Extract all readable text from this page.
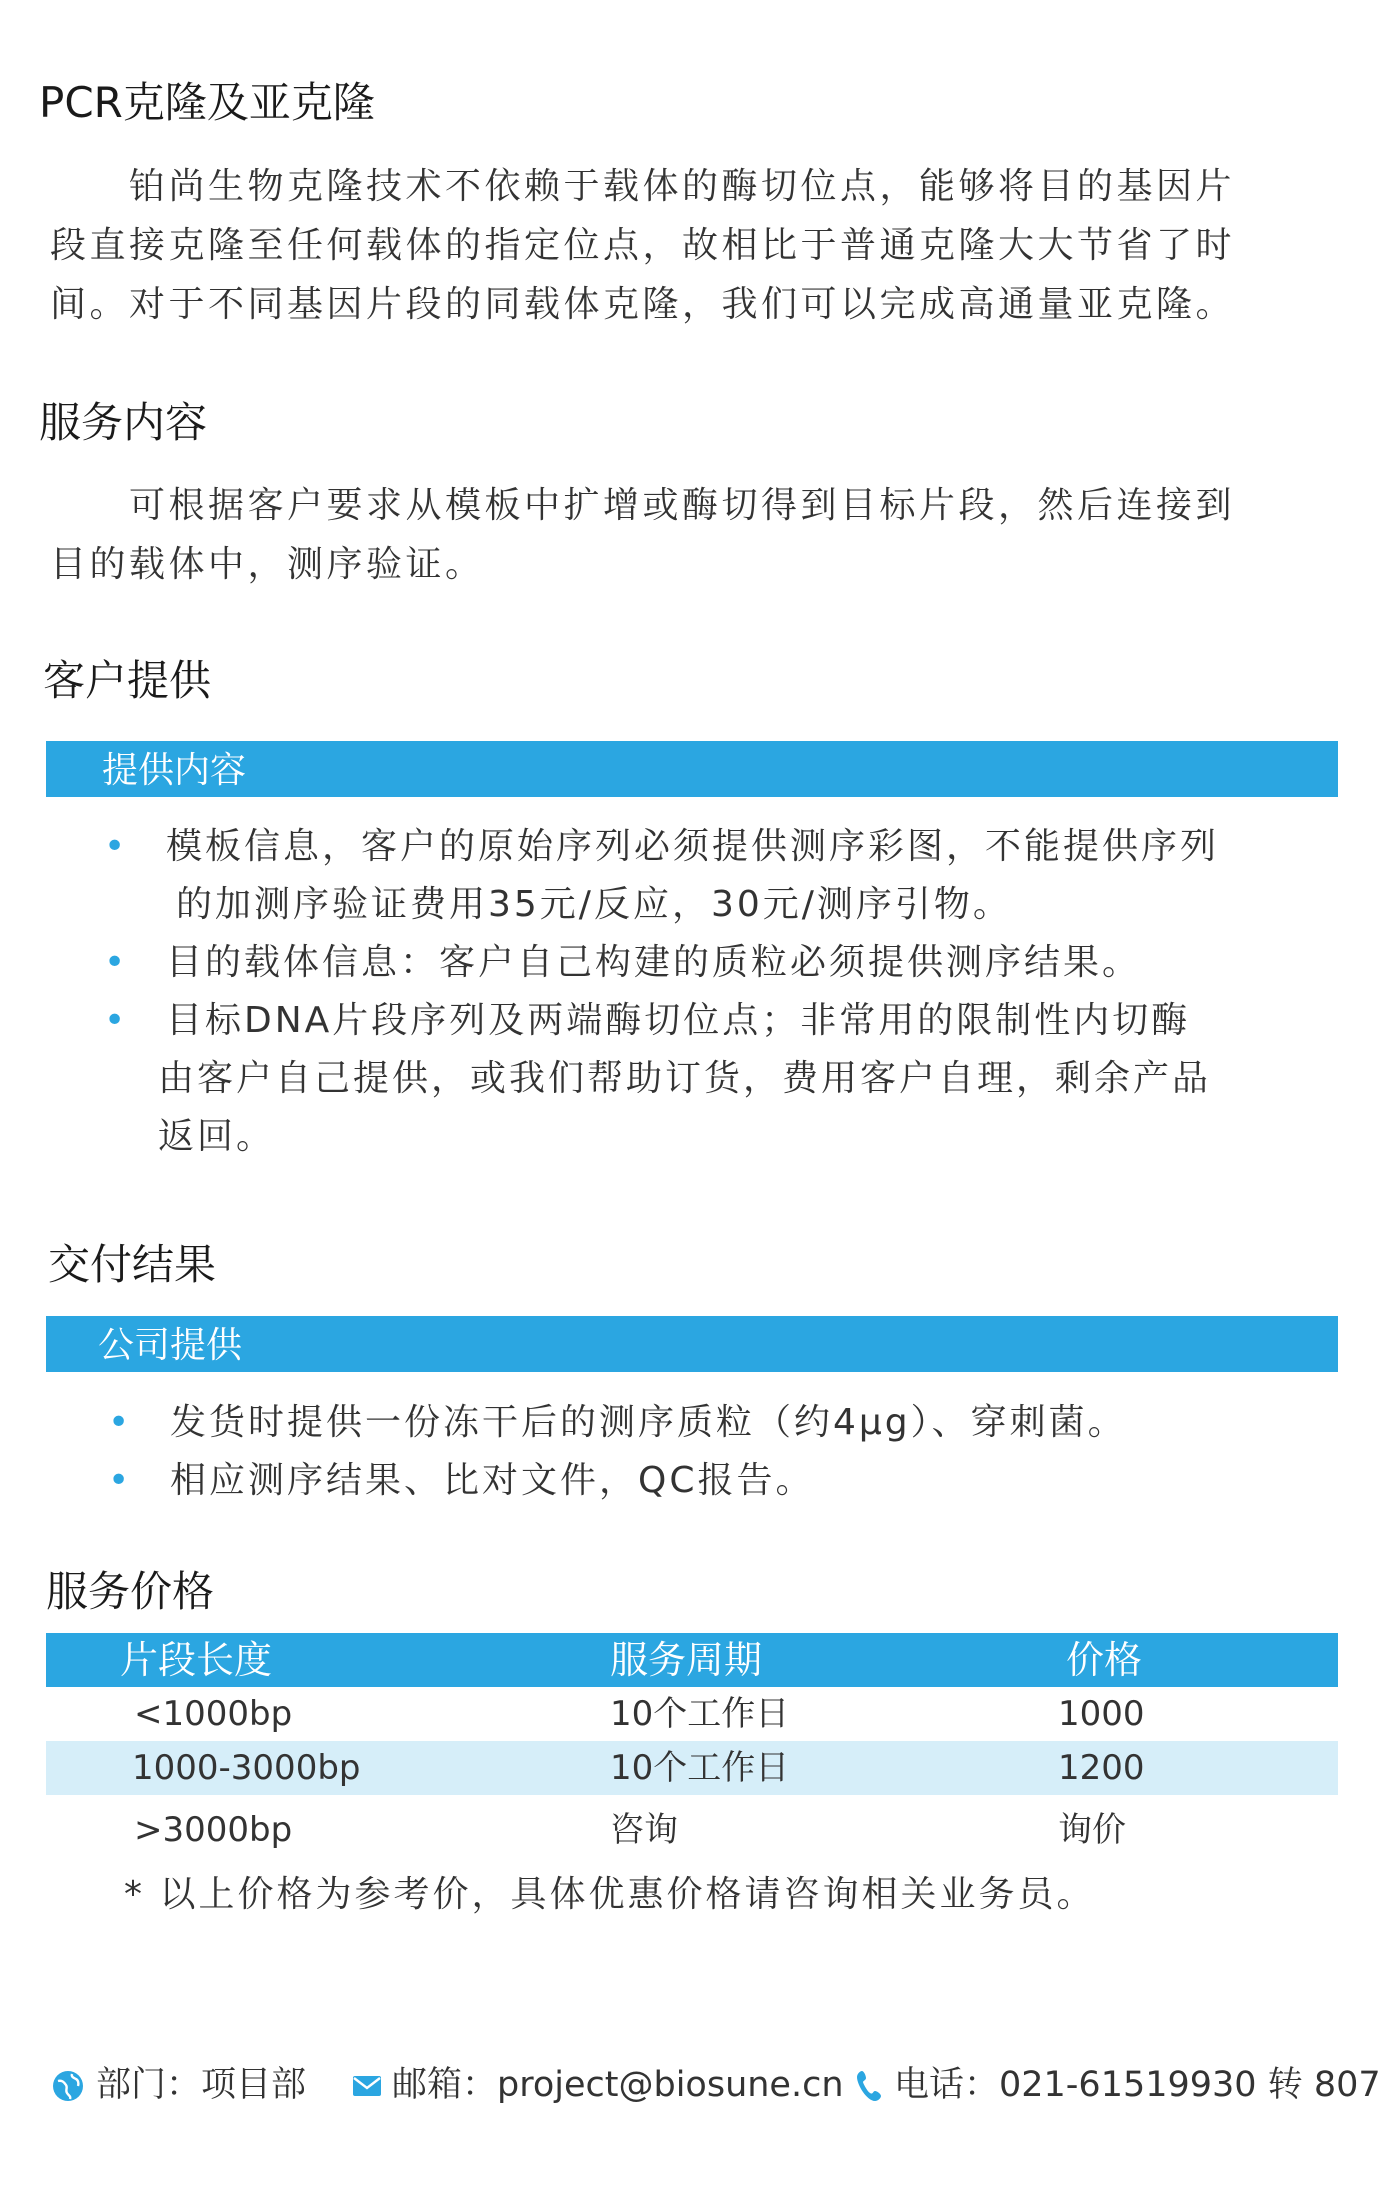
PCR克隆及亚克隆
　　铂尚生物克隆技术不依赖于载体的酶切位点，能够将目的基因片
段直接克隆至任何载体的指定位点，故相比于普通克隆大大节省了时
间。对于不同基因片段的同载体克隆，我们可以完成高通量亚克隆。
服务内容
　　可根据客户要求从模板中扩增或酶切得到目标片段，然后连接到
目的载体中，测序验证。
客户提供
提供内容
• 模板信息，客户的原始序列必须提供测序彩图，不能提供序列
的加测序验证费用35元/反应，30元/测序引物。
• 目的载体信息：客户自己构建的质粒必须提供测序结果。
• 目标DNA片段序列及两端酶切位点；非常用的限制性内切酶
由客户自己提供，或我们帮助订货，费用客户自理，剩余产品
返回。
交付结果
公司提供
• 发货时提供一份冻干后的测序质粒（约4μg）、穿刺菌。
• 相应测序结果、比对文件，QC报告。
服务价格
片段长度	服务周期	价格
<1000bp	10个工作日	1000
1000-3000bp	10个工作日	1200
>3000bp	咨询	询价
* 以上价格为参考价，具体优惠价格请咨询相关业务员。
部门：项目部	邮箱：project@biosune.cn	电话：021-61519930 转 807
